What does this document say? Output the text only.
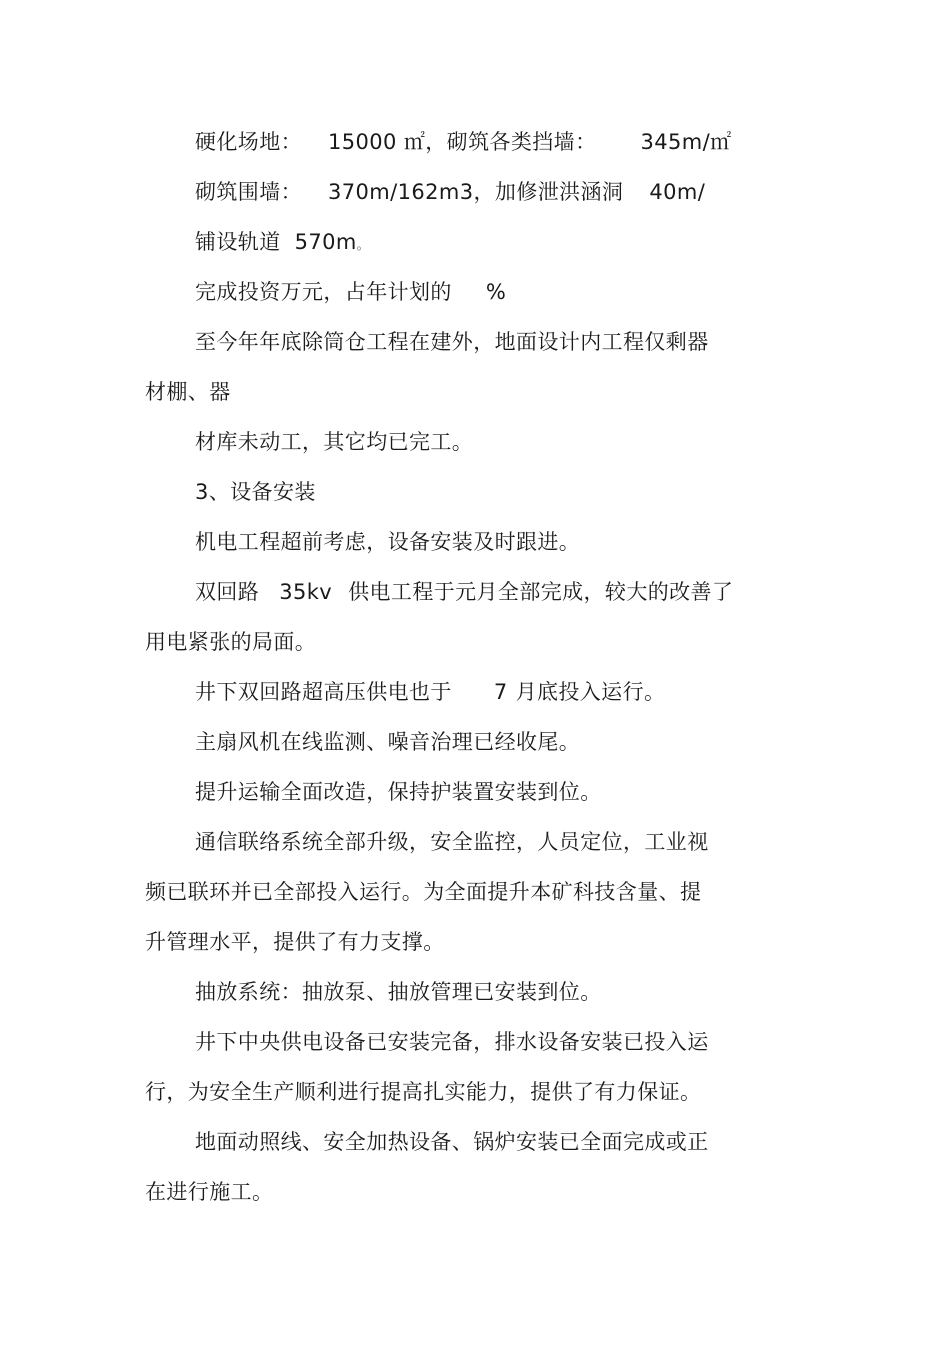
硬化场地： 15000 ㎡，砌筑各类挡墙： 345m/㎡
砌筑围墙： 370m/162m3，加修泄洪涵洞 40m/
铺设轨道 570m。
完成投资万元，占年计划的 %
至今年年底除筒仓工程在建外，地面设计内工程仅剩器
材棚、器
材库未动工，其它均已完工。
3、设备安装
机电工程超前考虑，设备安装及时跟进。
双回路 35kv 供电工程于元月全部完成，较大的改善了
用电紧张的局面。
井下双回路超高压供电也于 7 月底投入运行。
主扇风机在线监测、噪音治理已经收尾。
提升运输全面改造，保持护装置安装到位。
通信联络系统全部升级，安全监控，人员定位，工业视
频已联环并已全部投入运行。为全面提升本矿科技含量、提
升管理水平，提供了有力支撑。
抽放系统：抽放泵、抽放管理已安装到位。
井下中央供电设备已安装完备，排水设备安装已投入运
行，为安全生产顺利进行提高扎实能力，提供了有力保证。
地面动照线、安全加热设备、锅炉安装已全面完成或正
在进行施工。
